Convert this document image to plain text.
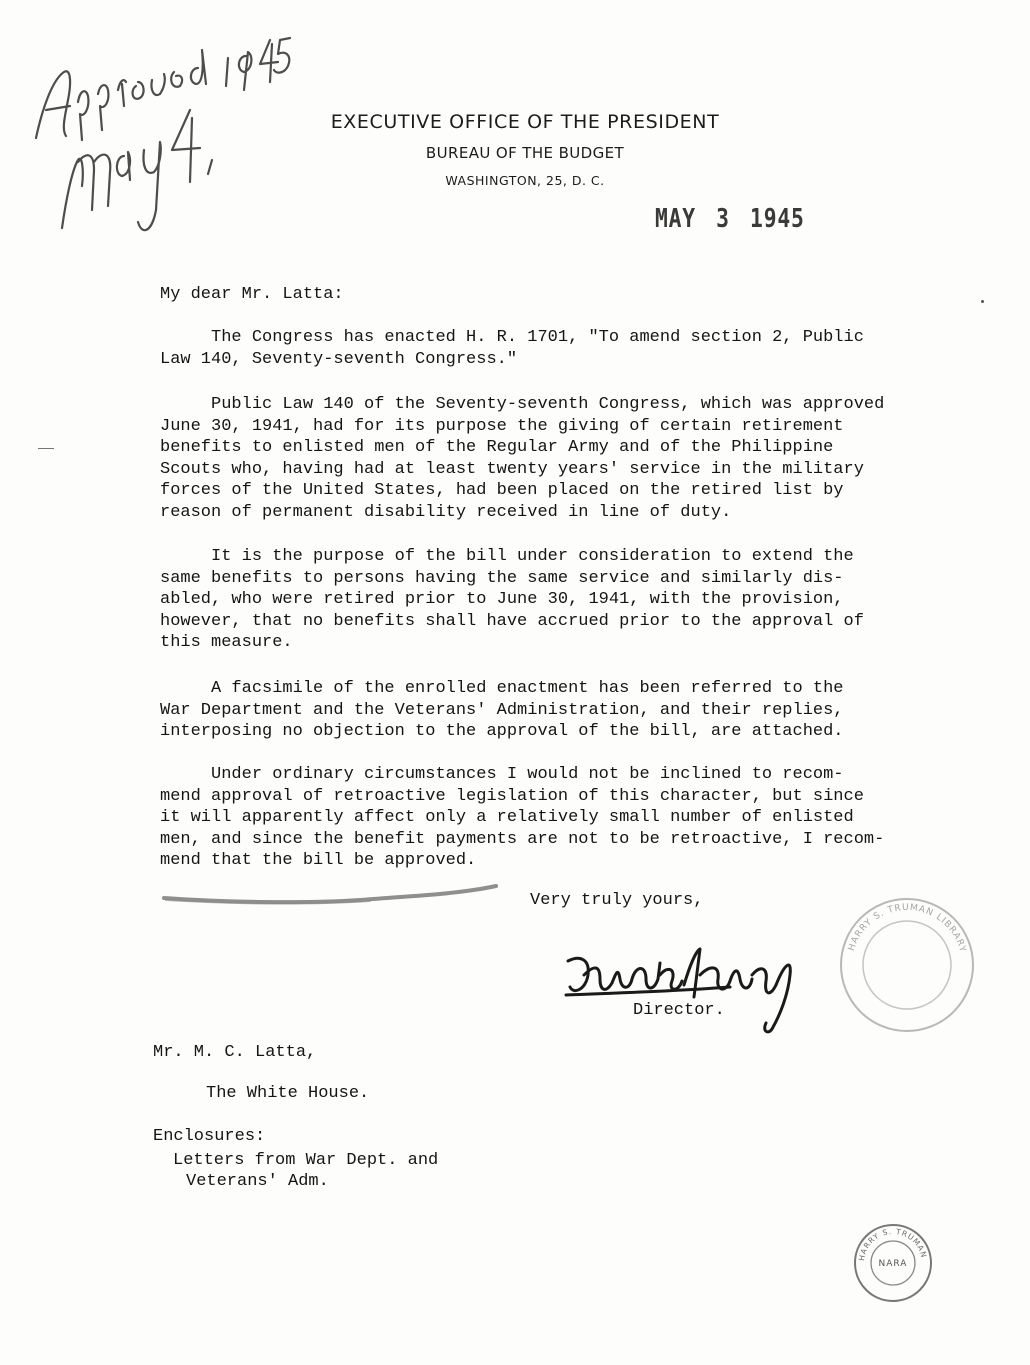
EXECUTIVE OFFICE OF THE PRESIDENT
BUREAU OF THE BUDGET
WASHINGTON, 25, D. C.
MAY 3 1945
My dear Mr. Latta:
The Congress has enacted H. R. 1701, "To amend section 2, Public
Law 140, Seventy-seventh Congress."
Public Law 140 of the Seventy-seventh Congress, which was approved
June 30, 1941, had for its purpose the giving of certain retirement
benefits to enlisted men of the Regular Army and of the Philippine
Scouts who, having had at least twenty years' service in the military
forces of the United States, had been placed on the retired list by
reason of permanent disability received in line of duty.
It is the purpose of the bill under consideration to extend the
same benefits to persons having the same service and similarly dis-
abled, who were retired prior to June 30, 1941, with the provision,
however, that no benefits shall have accrued prior to the approval of
this measure.
A facsimile of the enrolled enactment has been referred to the
War Department and the Veterans' Administration, and their replies,
interposing no objection to the approval of the bill, are attached.
Under ordinary circumstances I would not be inclined to recom-
mend approval of retroactive legislation of this character, but since
it will apparently affect only a relatively small number of enlisted
men, and since the benefit payments are not to be retroactive, I recom-
mend that the bill be approved.
Very truly yours,
Director.
HARRY S. TRUMAN LIBRARY
Mr. M. C. Latta,
The White House.
Enclosures:
Letters from War Dept. and
Veterans' Adm.
HARRY S. TRUMAN
NARA
